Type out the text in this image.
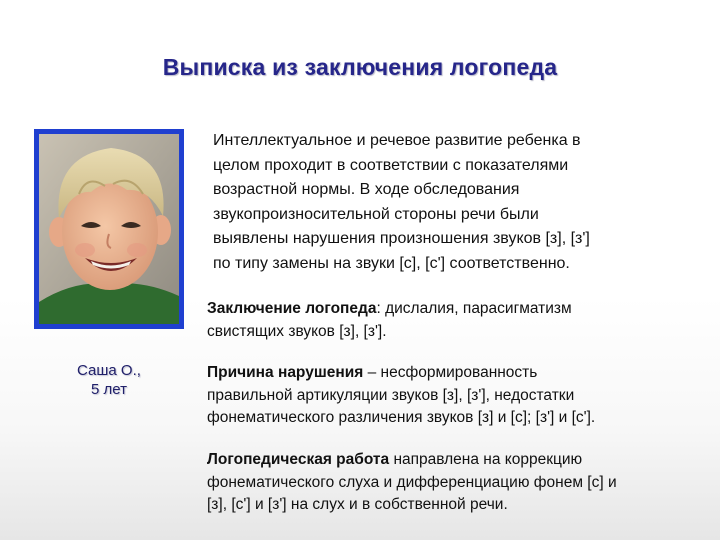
Выписка из заключения логопеда
Саша О.,
5 лет
Интеллектуальное и речевое развитие ребенка в
целом проходит в соответствии с показателями
возрастной нормы. В ходе обследования
звукопроизносительной стороны речи были
выявлены нарушения произношения звуков [з], [з']
по типу замены на звуки [с], [с'] соответственно.
Заключение логопеда: дислалия, парасигматизм
свистящих звуков [з], [з'].
Причина нарушения – несформированность
правильной артикуляции звуков [з], [з'], недостатки
фонематического различения звуков [з] и [с]; [з'] и [с'].
Логопедическая работа направлена на коррекцию
фонематического слуха и дифференциацию фонем [с] и
[з], [с'] и [з'] на слух и в собственной речи.
